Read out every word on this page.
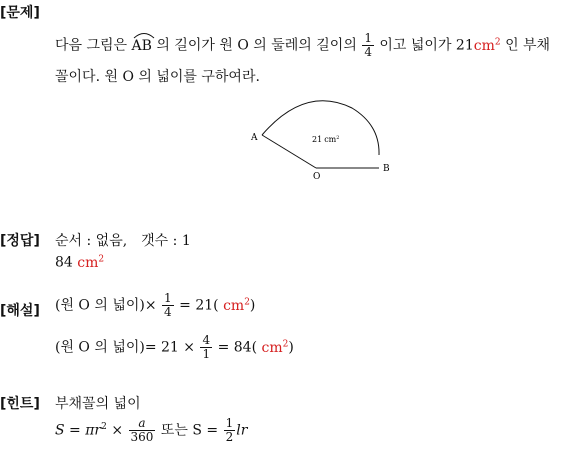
[문제]
다음 그림은 AB 의 길이가 원 O 의 둘레의 길이의 $\frac{1}{4}$ 이고 넓이가 $21cm^2$ 인 부채
꼴이다. 원 O 의 넓이를 구하여라.
A
B
O
21 $cm^2$
[정답] 순서 : 없음,　갯수 : 1
84 $cm^2$
[해설] (원 O 의 넓이)× $\frac{1}{4} = 21$( $cm^2$)
(원 O 의 넓이)= $21 \times \frac{4}{1} = 84$( $cm^2$)
[힌트] 부채꼴의 넓이
$S = \pi r^2 \times \frac{a}{360}$ 또는 $S = \frac{1}{2}$ lr
